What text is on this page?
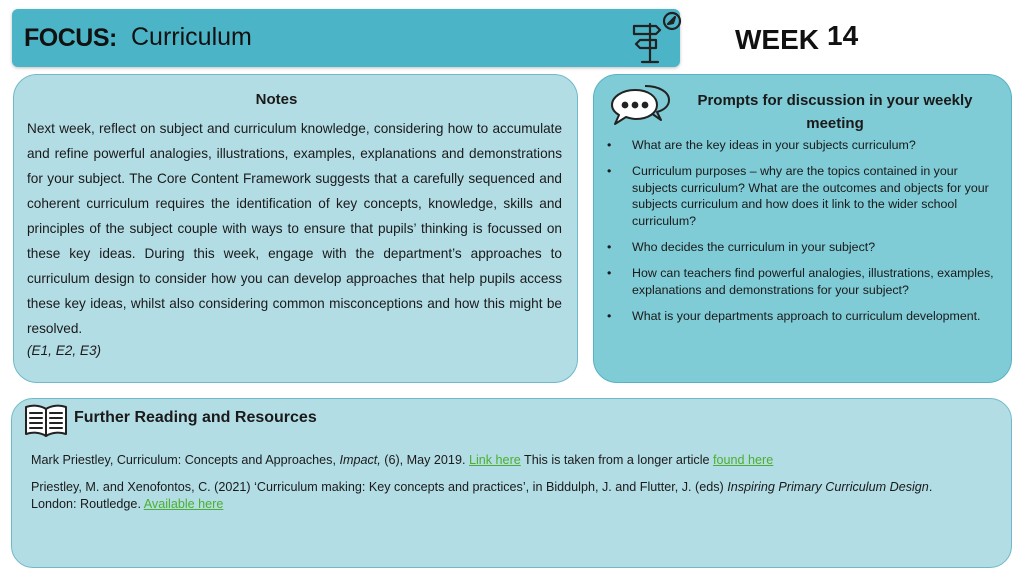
FOCUS: Curriculum	WEEK 14
Notes
Next week, reflect on subject and curriculum knowledge, considering how to accumulate and refine powerful analogies, illustrations, examples, explanations and demonstrations for your subject. The Core Content Framework suggests that a carefully sequenced and coherent curriculum requires the identification of key concepts, knowledge, skills and principles of the subject couple with ways to ensure that pupils’ thinking is focussed on these key ideas. During this week, engage with the department’s approaches to curriculum design to consider how you can develop approaches that help pupils access these key ideas, whilst also considering common misconceptions and how this might be resolved.
(E1, E2, E3)
Prompts for discussion in your weekly meeting
• What are the key ideas in your subjects curriculum?
• Curriculum purposes – why are the topics contained in your subjects curriculum? What are the outcomes and objects for your subjects curriculum and how does it link to the wider school curriculum?
• Who decides the curriculum in your subject?
• How can teachers find powerful analogies, illustrations, examples, explanations and demonstrations for your subject?
• What is your departments approach to curriculum development.
Further Reading and Resources
Mark Priestley, Curriculum: Concepts and Approaches, Impact, (6), May 2019. Link here This is taken from a longer article found here
Priestley, M. and Xenofontos, C. (2021) ‘Curriculum making: Key concepts and practices’, in Biddulph, J. and Flutter, J. (eds) Inspiring Primary Curriculum Design. London: Routledge. Available here
